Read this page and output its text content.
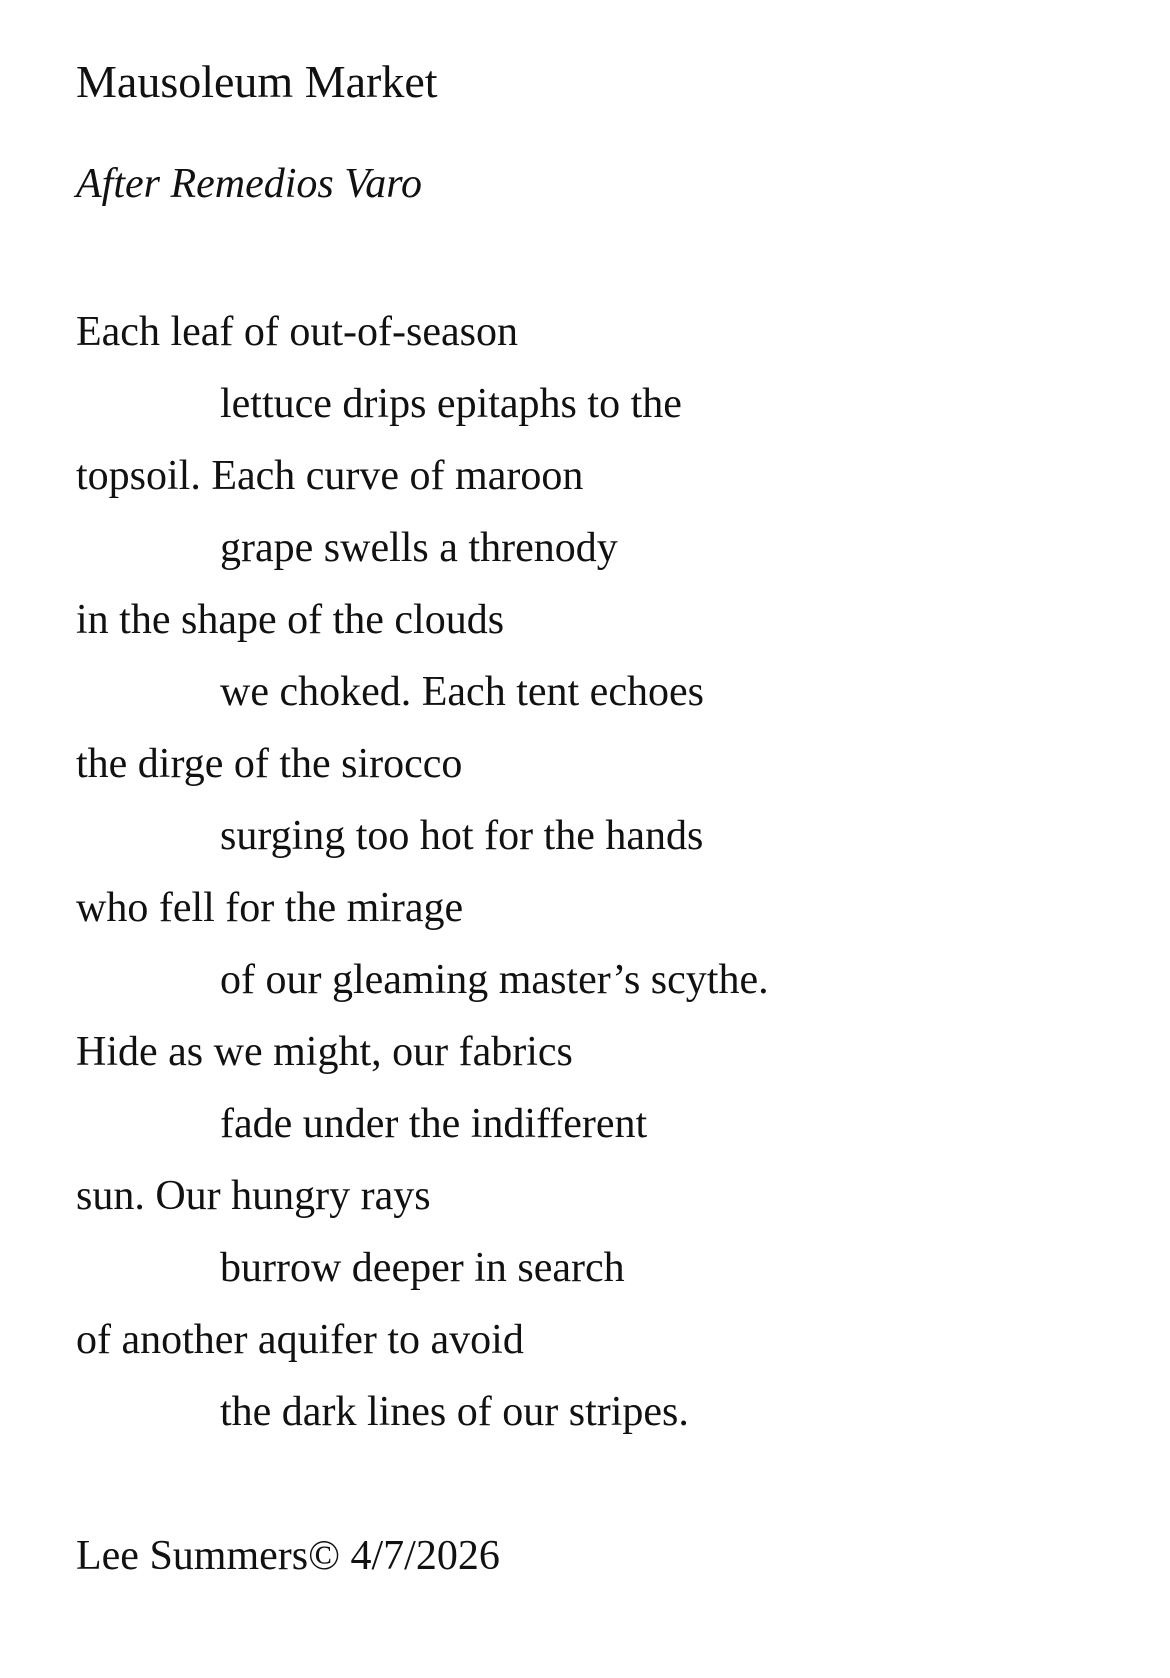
Mausoleum Market
After Remedios Varo
Each leaf of out-of-season
lettuce drips epitaphs to the
topsoil. Each curve of maroon
grape swells a threnody
in the shape of the clouds
we choked. Each tent echoes
the dirge of the sirocco
surging too hot for the hands
who fell for the mirage
of our gleaming master’s scythe.
Hide as we might, our fabrics
fade under the indifferent
sun. Our hungry rays
burrow deeper in search
of another aquifer to avoid
the dark lines of our stripes.
Lee Summers© 4/7/2026
